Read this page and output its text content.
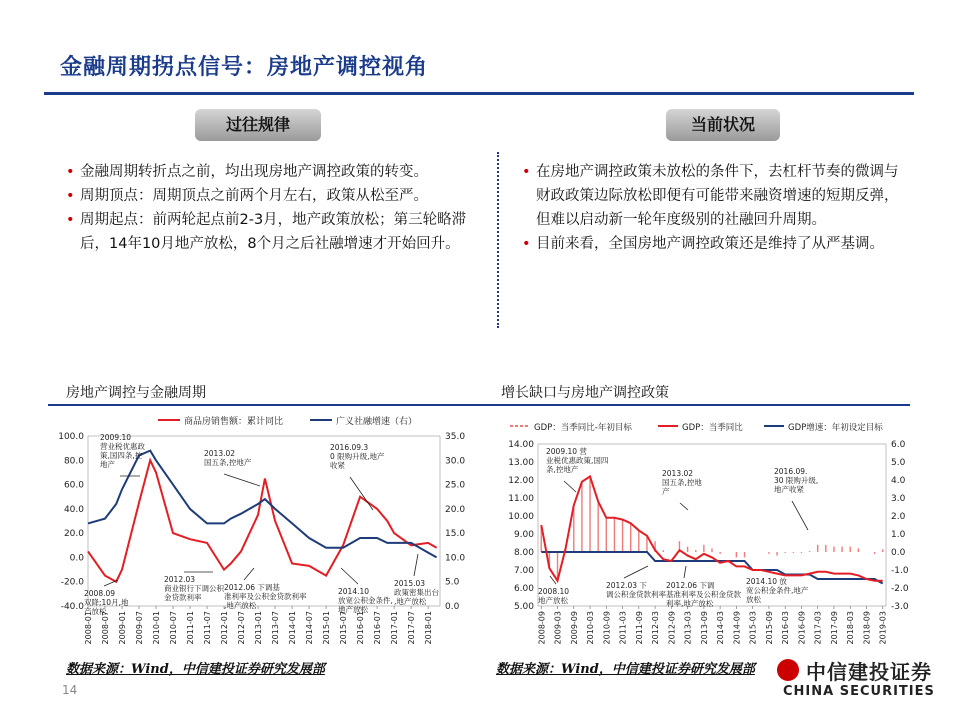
金融周期拐点信号：房地产调控视角
过往规律	当前状况
• 金融周期转折点之前，均出现房地产调控政策的转变。
• 周期顶点：周期顶点之前两个月左右，政策从松至严。
• 周期起点：前两轮起点前2-3月，地产政策放松；第三轮略滞后，14年10月地产放松，8个月之后社融增速才开始回升。
• 在房地产调控政策未放松的条件下，去杠杆节奏的微调与财政政策边际放松即便有可能带来融资增速的短期反弹，但难以启动新一轮年度级别的社融回升周期。
• 目前来看，全国房地产调控政策还是维持了从严基调。
房地产调控与金融周期	增长缺口与房地产调控政策
商品房销售额：累计同比	广义社融增速（右）
100.0
80.0
60.0
40.0
20.0
0.0
-20.0
-40.0
35.0
30.0
25.0
20.0
15.0
10.0
5.0
0.0
2008-01 2008-07 2009-01 2009-07 2010-01 2010-07 2011-01 2011-07 2012-01 2012-07 2013-01 2013-07 2014-01 2014-07 2015-01 2015-07 2016-01 2016-07 2017-01 2017-07 2018-01
2009.10
营业税优惠政
策,国四条,控
地产
2013.02
国五条,控地产
2016.09.3
0 限购升级,地产
收紧
2008.09
双降;10月,地
产放松
2012.03
商业银行下调公积
金贷款利率
2012.06 下调基
准利率及公积金贷款利率
,地产放松
2014.10
放宽公积金条件,
地产放松
2015.03
政策密集出台
,地产放松
GDP：当季同比-年初目标	GDP：当季同比	GDP增速：年初设定目标
14.00
13.00
12.00
11.00
10.00
9.00
8.00
7.00
6.00
5.00
6.0
5.0
4.0
3.0
2.0
1.0
0.0
-1.0
-2.0
-3.0
2008-09 2009-03 2009-09 2010-03 2010-09 2011-03 2011-09 2012-03 2012-09 2013-03 2013-09 2014-03 2014-09 2015-03 2015-09 2016-03 2016-09 2017-03 2017-09 2018-03 2018-09 2019-03
2009.10 营
业税优惠政策,国四
条,控地产	2013.02
国五条,控地
产
2016.09.
30 限购升级,
地产收紧
2008.10
地产放松
2012.03 下
调公积金贷款利率
2012.06 下调
基准利率及公积金贷款
利率,地产放松
2014.10 放
宽公积金条件,地产
放松
数据来源：Wind，中信建投证券研究发展部	数据来源：Wind，中信建投证券研究发展部
14
中信建投证券
CHINA SECURITIES
